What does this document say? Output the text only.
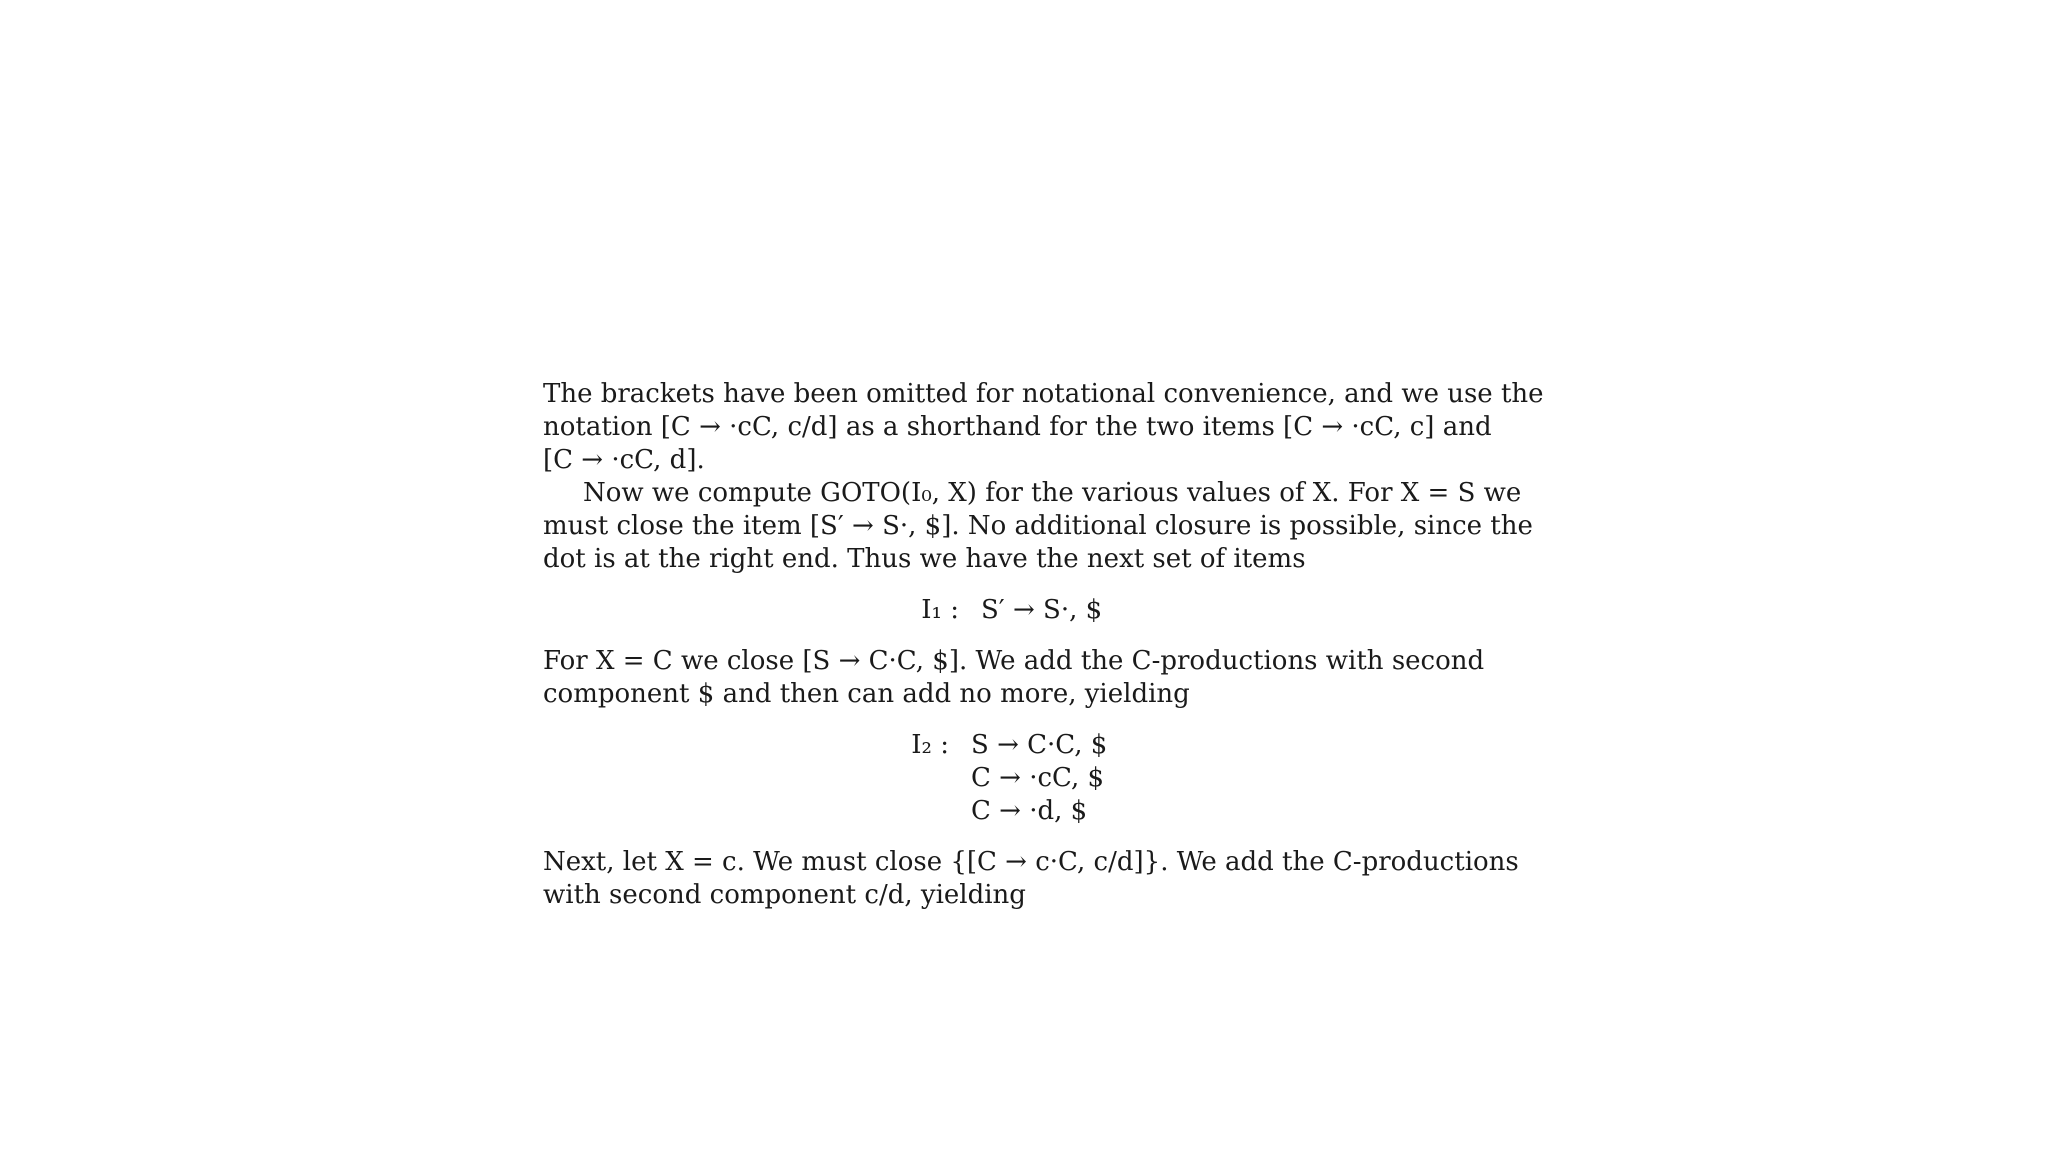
The brackets have been omitted for notational convenience, and we use the
notation [C → ·cC, c/d] as a shorthand for the two items [C → ·cC, c] and
[C → ·cC, d].

Now we compute GOTO(I₀, X) for the various values of X. For X = S we
must close the item [S′ → S·, $]. No additional closure is possible, since the
dot is at the right end. Thus we have the next set of items

I₁ : S′ → S·, $

For X = C we close [S → C·C, $]. We add the C-productions with second
component $ and then can add no more, yielding

I₂ : S → C·C, $
C → ·cC, $
C → ·d, $

Next, let X = c. We must close {[C → c·C, c/d]}. We add the C-productions
with second component c/d, yielding
